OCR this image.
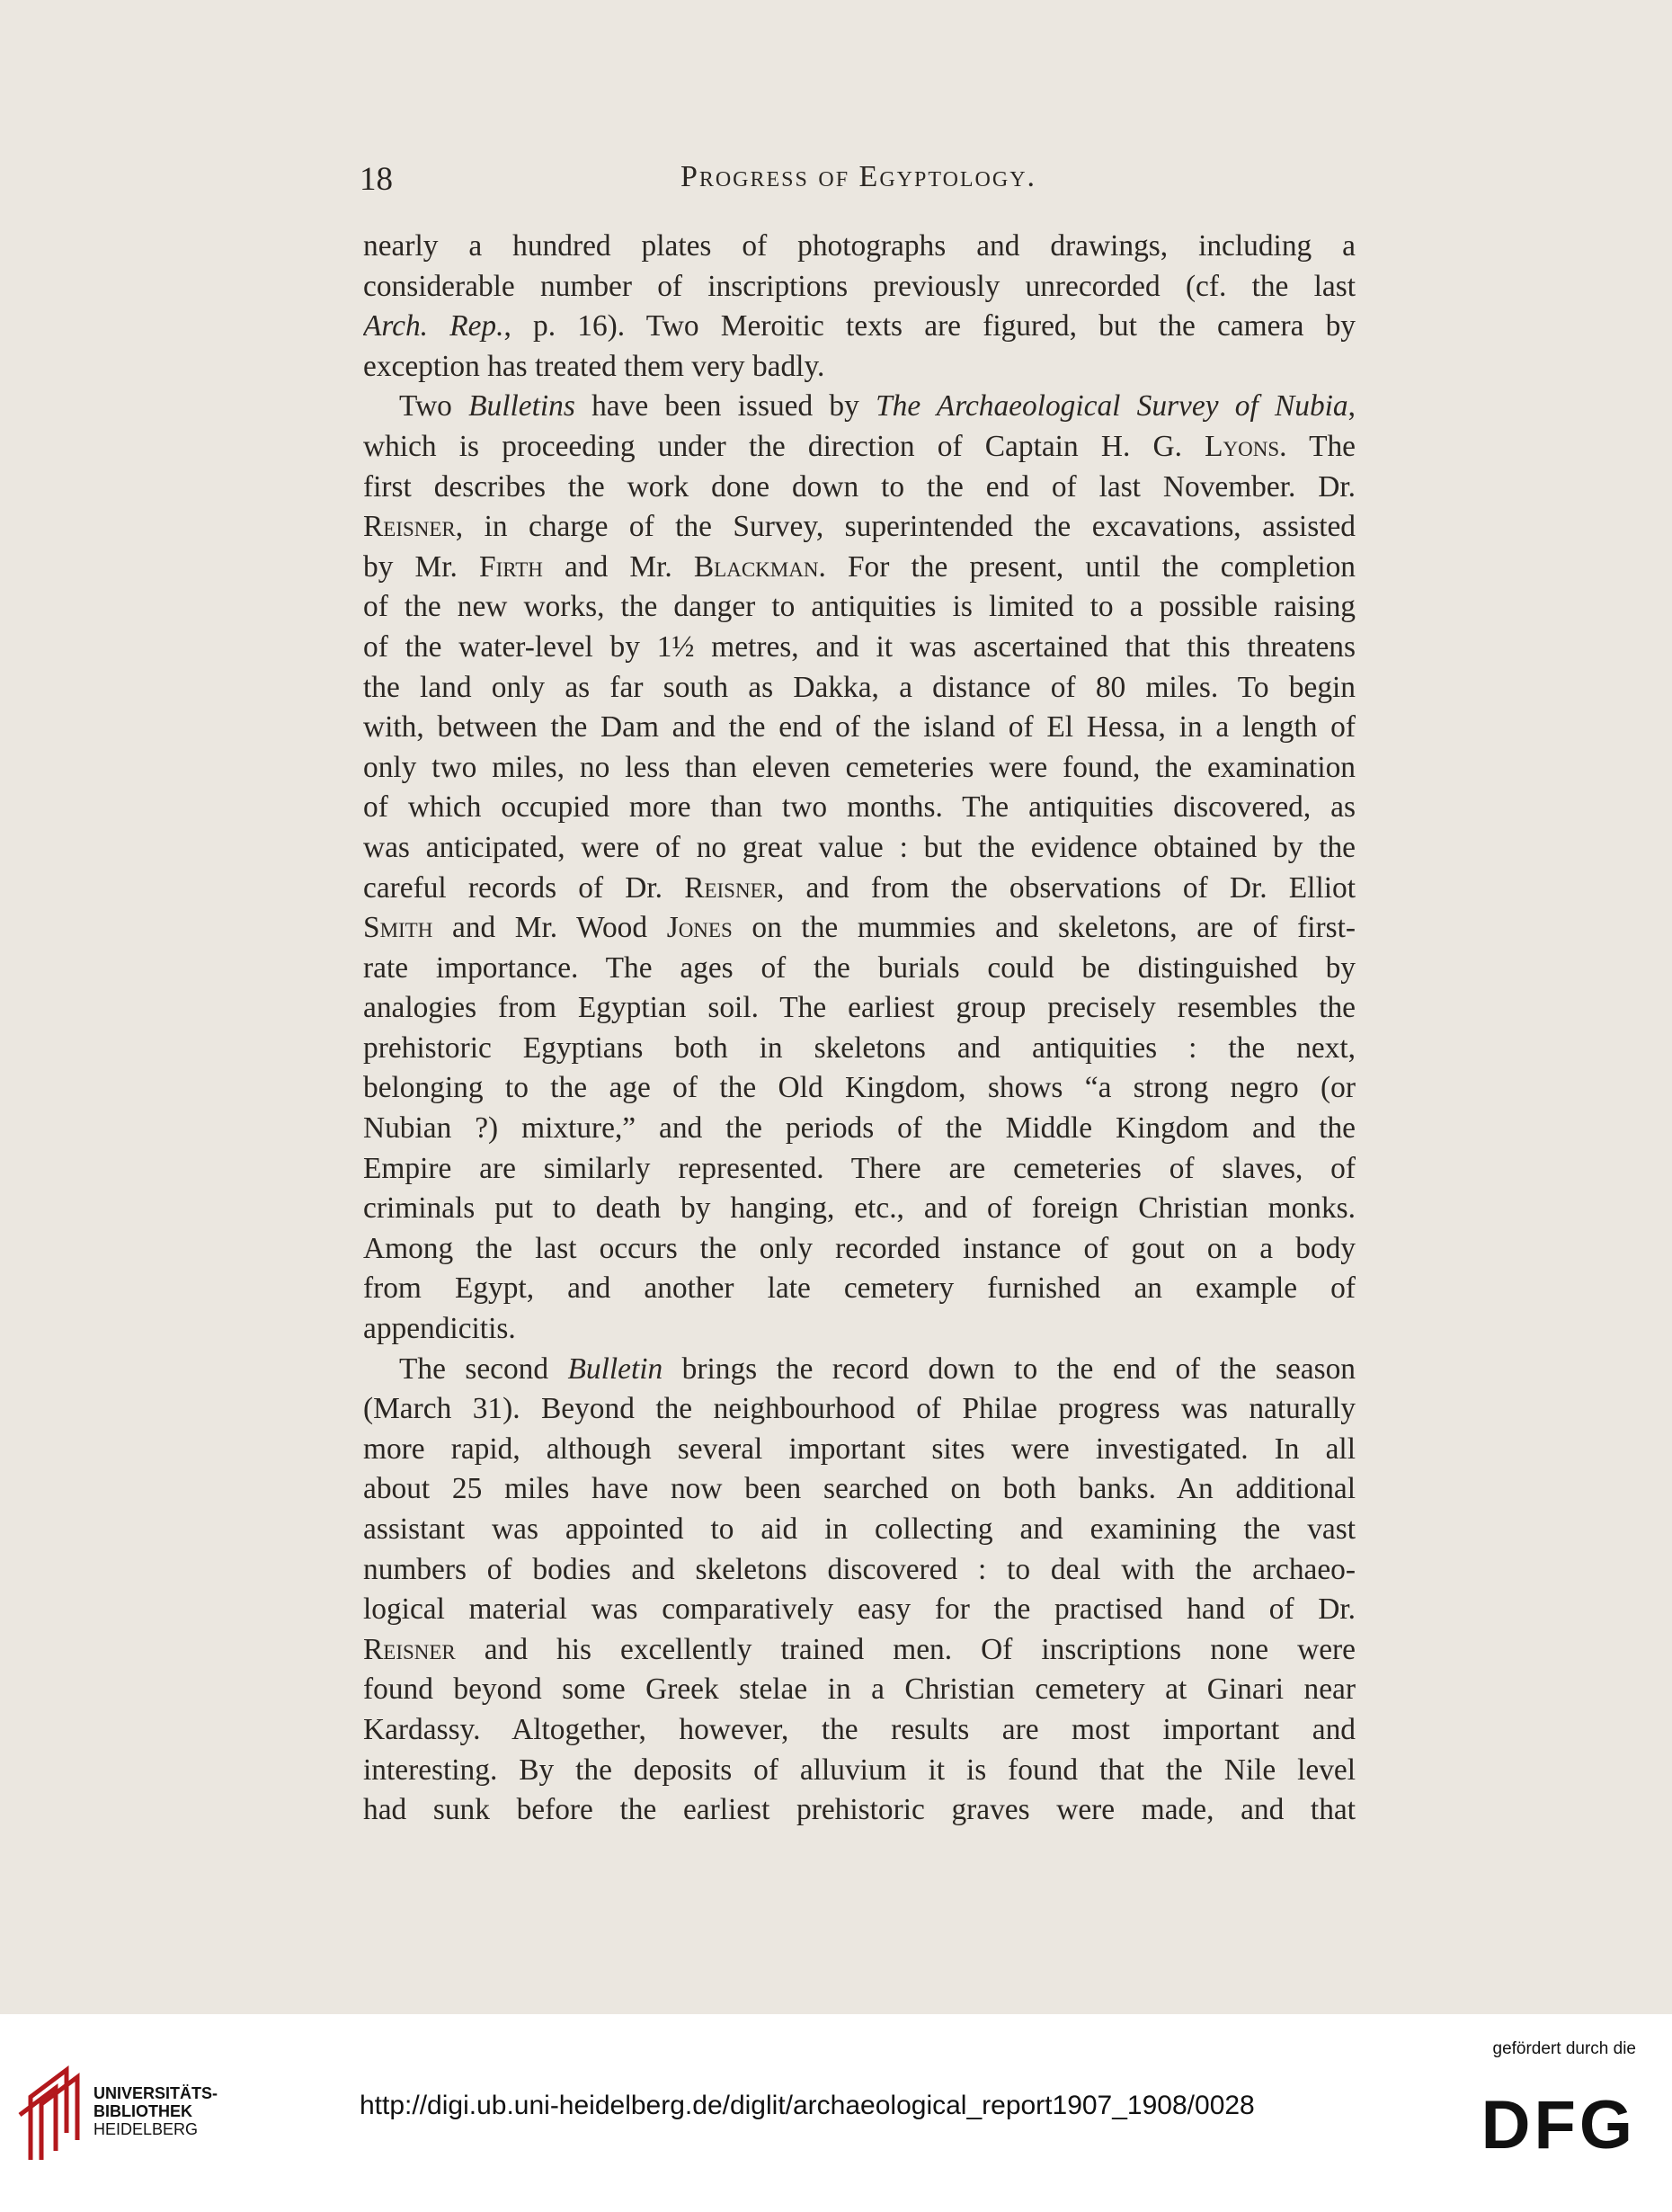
18	Progress of Egyptology.
nearly a hundred plates of photographs and drawings, including a
considerable number of inscriptions previously unrecorded (cf. the last
Arch. Rep., p. 16). Two Meroitic texts are figured, but the camera by
exception has treated them very badly.
Two Bulletins have been issued by The Archaeological Survey of Nubia,
which is proceeding under the direction of Captain H. G. Lyons. The
first describes the work done down to the end of last November. Dr.
Reisner, in charge of the Survey, superintended the excavations, assisted
by Mr. Firth and Mr. Blackman. For the present, until the completion
of the new works, the danger to antiquities is limited to a possible raising
of the water-level by 1½ metres, and it was ascertained that this threatens
the land only as far south as Dakka, a distance of 80 miles. To begin
with, between the Dam and the end of the island of El Hessa, in a length of
only two miles, no less than eleven cemeteries were found, the examination
of which occupied more than two months. The antiquities discovered, as
was anticipated, were of no great value : but the evidence obtained by the
careful records of Dr. Reisner, and from the observations of Dr. Elliot
Smith and Mr. Wood Jones on the mummies and skeletons, are of first-
rate importance. The ages of the burials could be distinguished by
analogies from Egyptian soil. The earliest group precisely resembles the
prehistoric Egyptians both in skeletons and antiquities : the next,
belonging to the age of the Old Kingdom, shows “a strong negro (or
Nubian ?) mixture,” and the periods of the Middle Kingdom and the
Empire are similarly represented. There are cemeteries of slaves, of
criminals put to death by hanging, etc., and of foreign Christian monks.
Among the last occurs the only recorded instance of gout on a body
from Egypt, and another late cemetery furnished an example of
appendicitis.
The second Bulletin brings the record down to the end of the season
(March 31). Beyond the neighbourhood of Philae progress was naturally
more rapid, although several important sites were investigated. In all
about 25 miles have now been searched on both banks. An additional
assistant was appointed to aid in collecting and examining the vast
numbers of bodies and skeletons discovered : to deal with the archaeo-
logical material was comparatively easy for the practised hand of Dr.
Reisner and his excellently trained men. Of inscriptions none were
found beyond some Greek stelae in a Christian cemetery at Ginari near
Kardassy. Altogether, however, the results are most important and
interesting. By the deposits of alluvium it is found that the Nile level
had sunk before the earliest prehistoric graves were made, and that
UNIVERSITÄTS-
BIBLIOTHEK
HEIDELBERG
http://digi.ub.uni-heidelberg.de/diglit/archaeological_report1907_1908/0028
gefördert durch die
DFG
